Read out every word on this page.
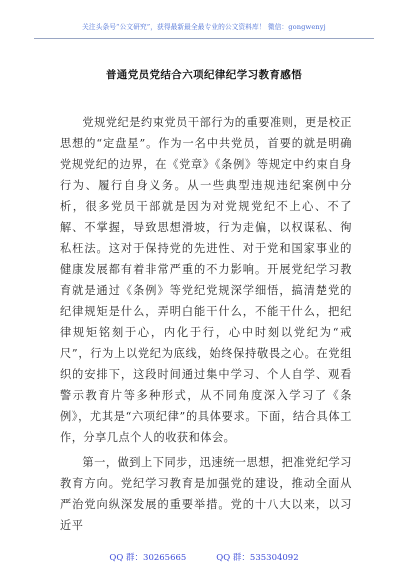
关注头条号“公文研究”，获得最新最全最专业的公文资料库！ 微信：gongwenyj
普通党员党结合六项纪律纪学习教育感悟

党规党纪是约束党员干部行为的重要准则，更是校正思想的“定盘星”。作为一名中共党员，首要的就是明确党规党纪的边界，在《党章》《条例》等规定中约束自身行为、履行自身义务。从一些典型违规违纪案例中分析，很多党员干部就是因为对党规党纪不上心、不了解、不掌握，导致思想滑坡，行为走偏，以权谋私、徇私枉法。这对于保持党的先进性、对于党和国家事业的健康发展都有着非常严重的不力影响。开展党纪学习教育就是通过《条例》等党纪党规深学细悟，搞清楚党的纪律规矩是什么，弄明白能干什么，不能干什么，把纪律规矩铭刻于心，内化于行，心中时刻以党纪为“戒尺”，行为上以党纪为底线，始终保持敬畏之心。在党组织的安排下，这段时间通过集中学习、个人自学、观看警示教育片等多种形式，从不同角度深入学习了《条例》，尤其是“六项纪律”的具体要求。下面，结合具体工作，分享几点个人的收获和体会。

第一，做到上下同步，迅速统一思想，把准党纪学习教育方向。党纪学习教育是加强党的建设，推动全面从严治党向纵深发展的重要举措。党的十八大以来，以习近平

QQ 群：30265665	QQ 群：535304092
